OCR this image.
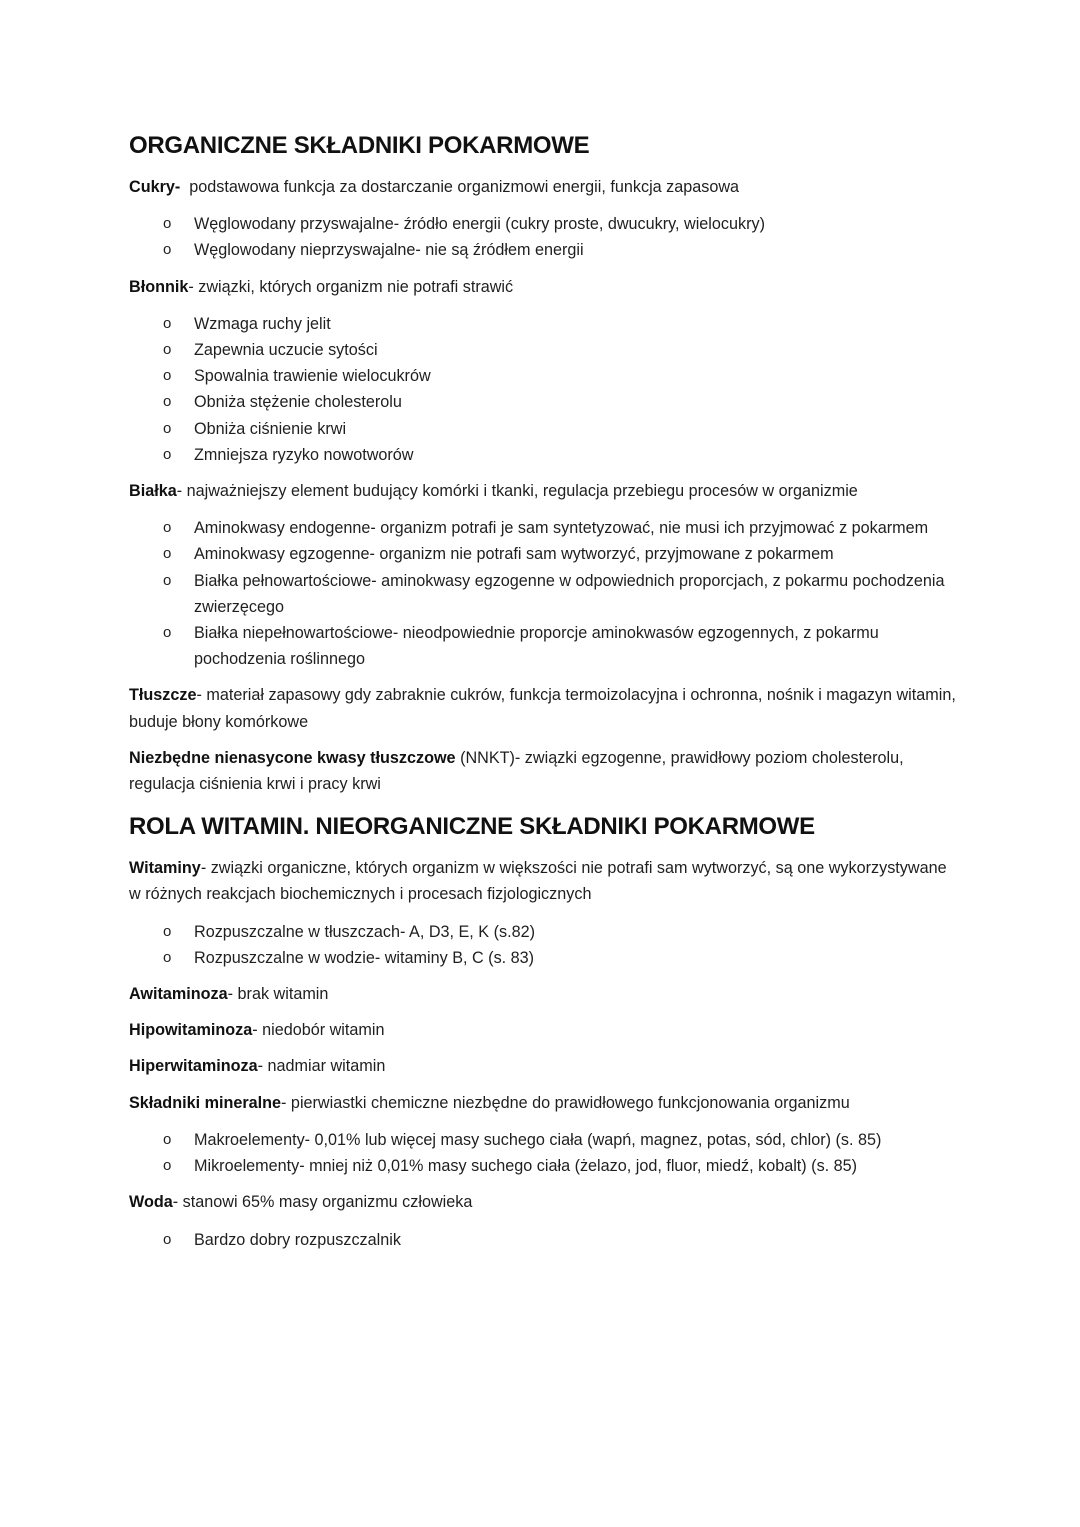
ORGANICZNE SKŁADNIKI POKARMOWE

Cukry-  podstawowa funkcja za dostarczanie organizmowi energii, funkcja zapasowa

o Węglowodany przyswajalne- źródło energii (cukry proste, dwucukry, wielocukry)
o Węglowodany nieprzyswajalne- nie są źródłem energii

Błonnik- związki, których organizm nie potrafi strawić

o Wzmaga ruchy jelit
o Zapewnia uczucie sytości
o Spowalnia trawienie wielocukrów
o Obniża stężenie cholesterolu
o Obniża ciśnienie krwi
o Zmniejsza ryzyko nowotworów

Białka- najważniejszy element budujący komórki i tkanki, regulacja przebiegu procesów w organizmie

o Aminokwasy endogenne- organizm potrafi je sam syntetyzować, nie musi ich przyjmować z pokarmem
o Aminokwasy egzogenne- organizm nie potrafi sam wytworzyć, przyjmowane z pokarmem
o Białka pełnowartościowe- aminokwasy egzogenne w odpowiednich proporcjach, z pokarmu pochodzenia zwierzęcego
o Białka niepełnowartościowe- nieodpowiednie proporcje aminokwasów egzogennych, z pokarmu pochodzenia roślinnego

Tłuszcze- materiał zapasowy gdy zabraknie cukrów, funkcja termoizolacyjna i ochronna, nośnik i magazyn witamin, buduje błony komórkowe

Niezbędne nienasycone kwasy tłuszczowe (NNKT)- związki egzogenne, prawidłowy poziom cholesterolu, regulacja ciśnienia krwi i pracy krwi

ROLA WITAMIN. NIEORGANICZNE SKŁADNIKI POKARMOWE

Witaminy- związki organiczne, których organizm w większości nie potrafi sam wytworzyć, są one wykorzystywane w różnych reakcjach biochemicznych i procesach fizjologicznych

o Rozpuszczalne w tłuszczach- A, D3, E, K (s.82)
o Rozpuszczalne w wodzie- witaminy B, C (s. 83)

Awitaminoza- brak witamin

Hipowitaminoza- niedobór witamin

Hiperwitaminoza- nadmiar witamin

Składniki mineralne- pierwiastki chemiczne niezbędne do prawidłowego funkcjonowania organizmu

o Makroelementy- 0,01% lub więcej masy suchego ciała (wapń, magnez, potas, sód, chlor) (s. 85)
o Mikroelementy- mniej niż 0,01% masy suchego ciała (żelazo, jod, fluor, miedź, kobalt) (s. 85)

Woda- stanowi 65% masy organizmu człowieka

o Bardzo dobry rozpuszczalnik
